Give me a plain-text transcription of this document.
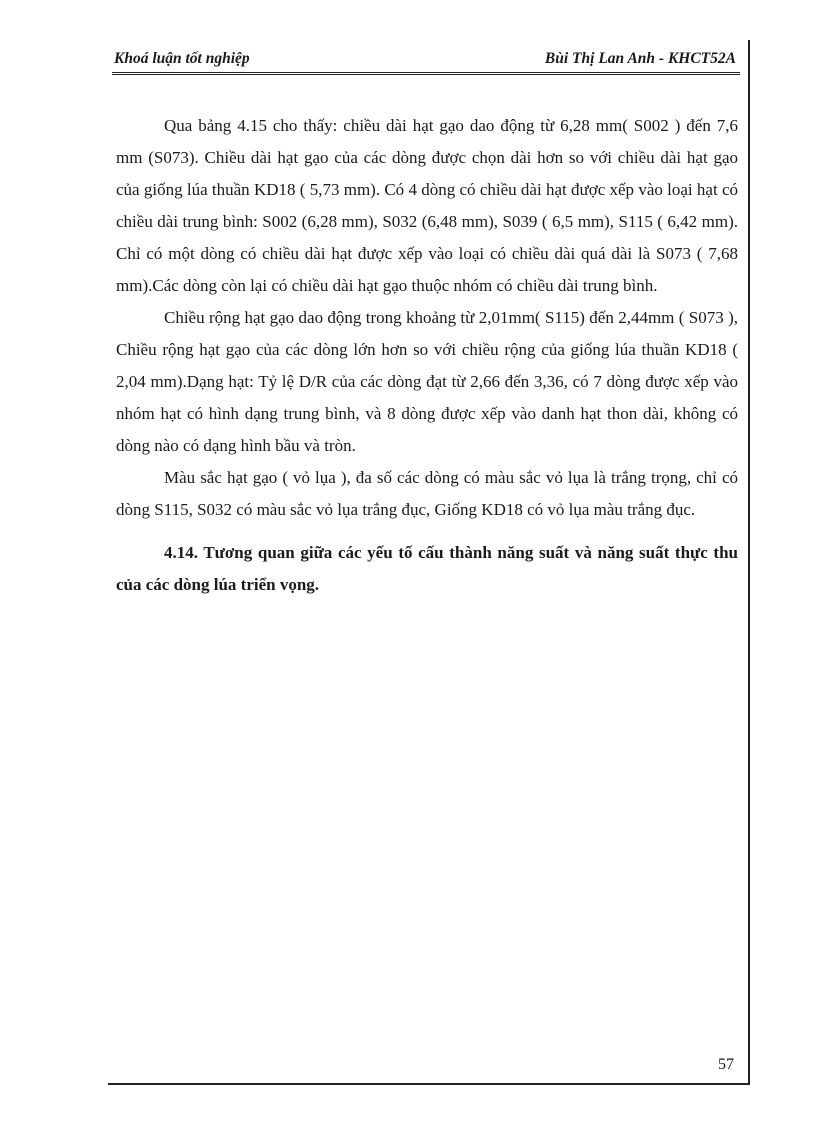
Khoá luận tốt nghiệp	Bùi Thị Lan Anh - KHCT52A

Qua bảng 4.15 cho thấy: chiều dài hạt gạo dao động từ 6,28 mm( S002 ) đến 7,6 mm (S073). Chiều dài hạt gạo của các dòng được chọn dài hơn so với chiều dài hạt gạo của giống lúa thuần KD18 ( 5,73 mm). Có 4 dòng có chiều dài hạt được xếp vào loại hạt có chiều dài trung bình: S002 (6,28 mm), S032 (6,48 mm), S039 ( 6,5 mm), S115 ( 6,42 mm). Chỉ có một dòng có chiều dài hạt được xếp vào loại có chiều dài quá dài là S073 ( 7,68 mm).Các dòng còn lại có chiều dài hạt gạo thuộc nhóm có chiều dài trung bình.

Chiều rộng hạt gạo dao động trong khoảng từ 2,01mm( S115) đến 2,44mm ( S073 ), Chiều rộng hạt gạo của các dòng lớn hơn so với chiều rộng của giống lúa thuần KD18 ( 2,04 mm).Dạng hạt: Tỷ lệ D/R của các dòng đạt từ 2,66 đến 3,36, có 7 dòng được xếp vào nhóm hạt có hình dạng trung bình, và 8 dòng được xếp vào danh hạt thon dài, không có dòng nào có dạng hình bầu và tròn.

Màu sắc hạt gạo ( vỏ lụa ), đa số các dòng có màu sắc vỏ lụa là trắng trọng, chỉ có dòng S115, S032 có màu sắc vỏ lụa trắng đục, Giống KD18 có vỏ lụa màu trắng đục.

4.14. Tương quan giữa các yếu tố cấu thành năng suất và năng suất thực thu của các dòng lúa triển vọng.

57
